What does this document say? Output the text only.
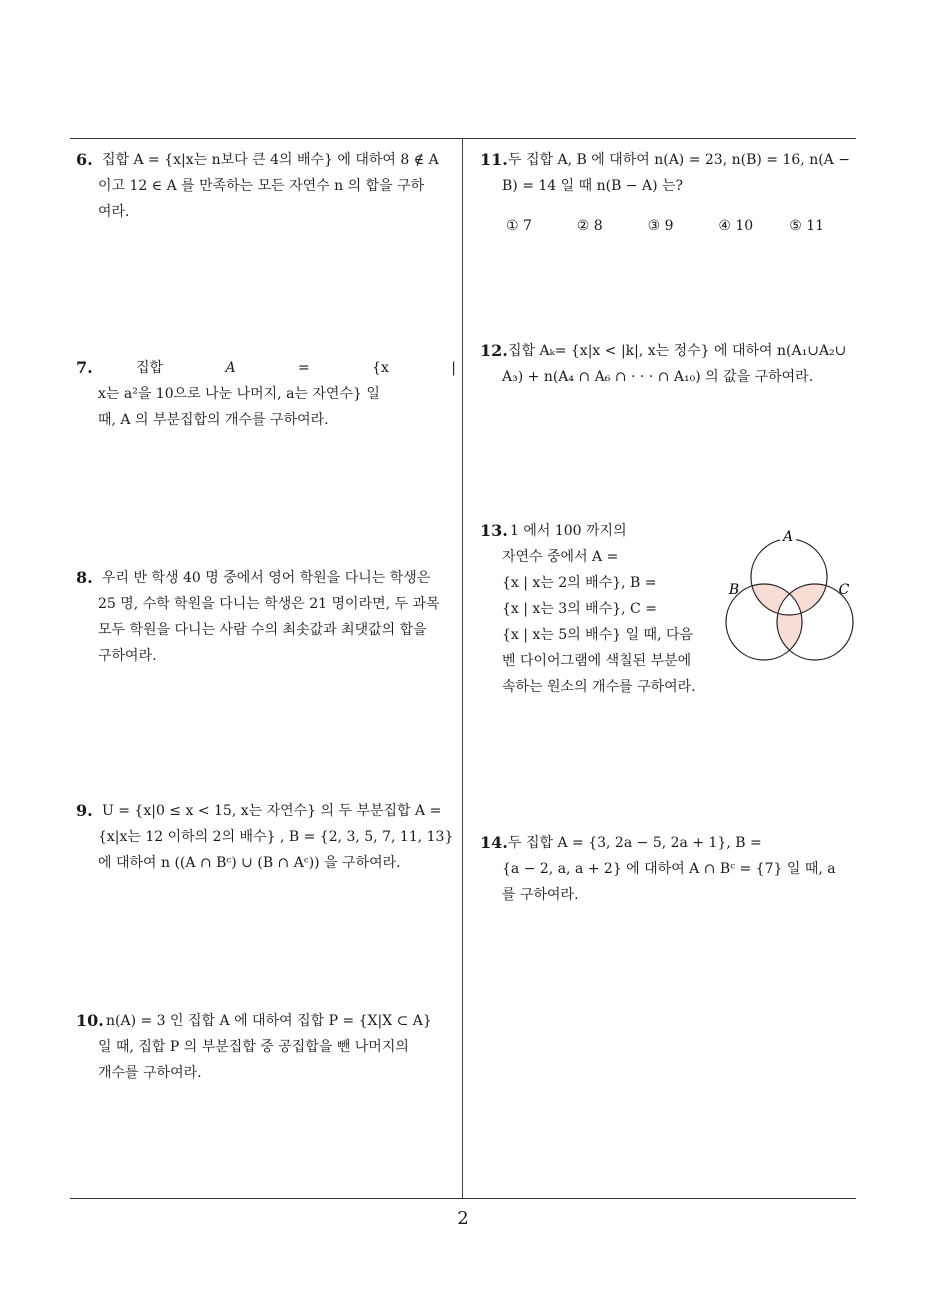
6. 집합 A = {x|x는 n보다 큰 4의 배수} 에 대하여 8 ∉ A
이고 12 ∈ A 를 만족하는 모든 자연수 n 의 합을 구하
여라.
7.	집합	A	=	{x	|
x는 a²을 10으로 나눈 나머지, a는 자연수} 일
때, A 의 부분집합의 개수를 구하여라.
8. 우리 반 학생 40 명 중에서 영어 학원을 다니는 학생은
25 명, 수학 학원을 다니는 학생은 21 명이라면, 두 과목
모두 학원을 다니는 사람 수의 최솟값과 최댓값의 합을
구하여라.
9. U = {x|0 ≤ x < 15, x는 자연수} 의 두 부분집합 A =
{x|x는 12 이하의 2의 배수} , B = {2, 3, 5, 7, 11, 13}
에 대하여 n ((A ∩ Bᶜ) ∪ (B ∩ Aᶜ)) 을 구하여라.
10. n(A) = 3 인 집합 A 에 대하여 집합 P = {X|X ⊂ A}
일 때, 집합 P 의 부분집합 중 공집합을 뺀 나머지의
개수를 구하여라.
11. 두 집합 A, B 에 대하여 n(A) = 23, n(B) = 16, n(A −
B) = 14 일 때 n(B − A) 는?
① 7	② 8	③ 9	④ 10	⑤ 11
12. 집합 Aₖ= {x|x < |k|, x는 정수} 에 대하여 n(A₁∪A₂∪
A₃) + n(A₄ ∩ A₆ ∩ · · · ∩ A₁₀) 의 값을 구하여라.
13. 1 에서 100 까지의
자연수 중에서 A =
{x | x는 2의 배수}, B =
{x | x는 3의 배수}, C =
{x | x는 5의 배수} 일 때, 다음
벤 다이어그램에 색칠된 부분에
속하는 원소의 개수를 구하여라.
A
B	C
14. 두 집합 A = {3, 2a − 5, 2a + 1}, B =
{a − 2, a, a + 2} 에 대하여 A ∩ Bᶜ = {7} 일 때, a
를 구하여라.
2
